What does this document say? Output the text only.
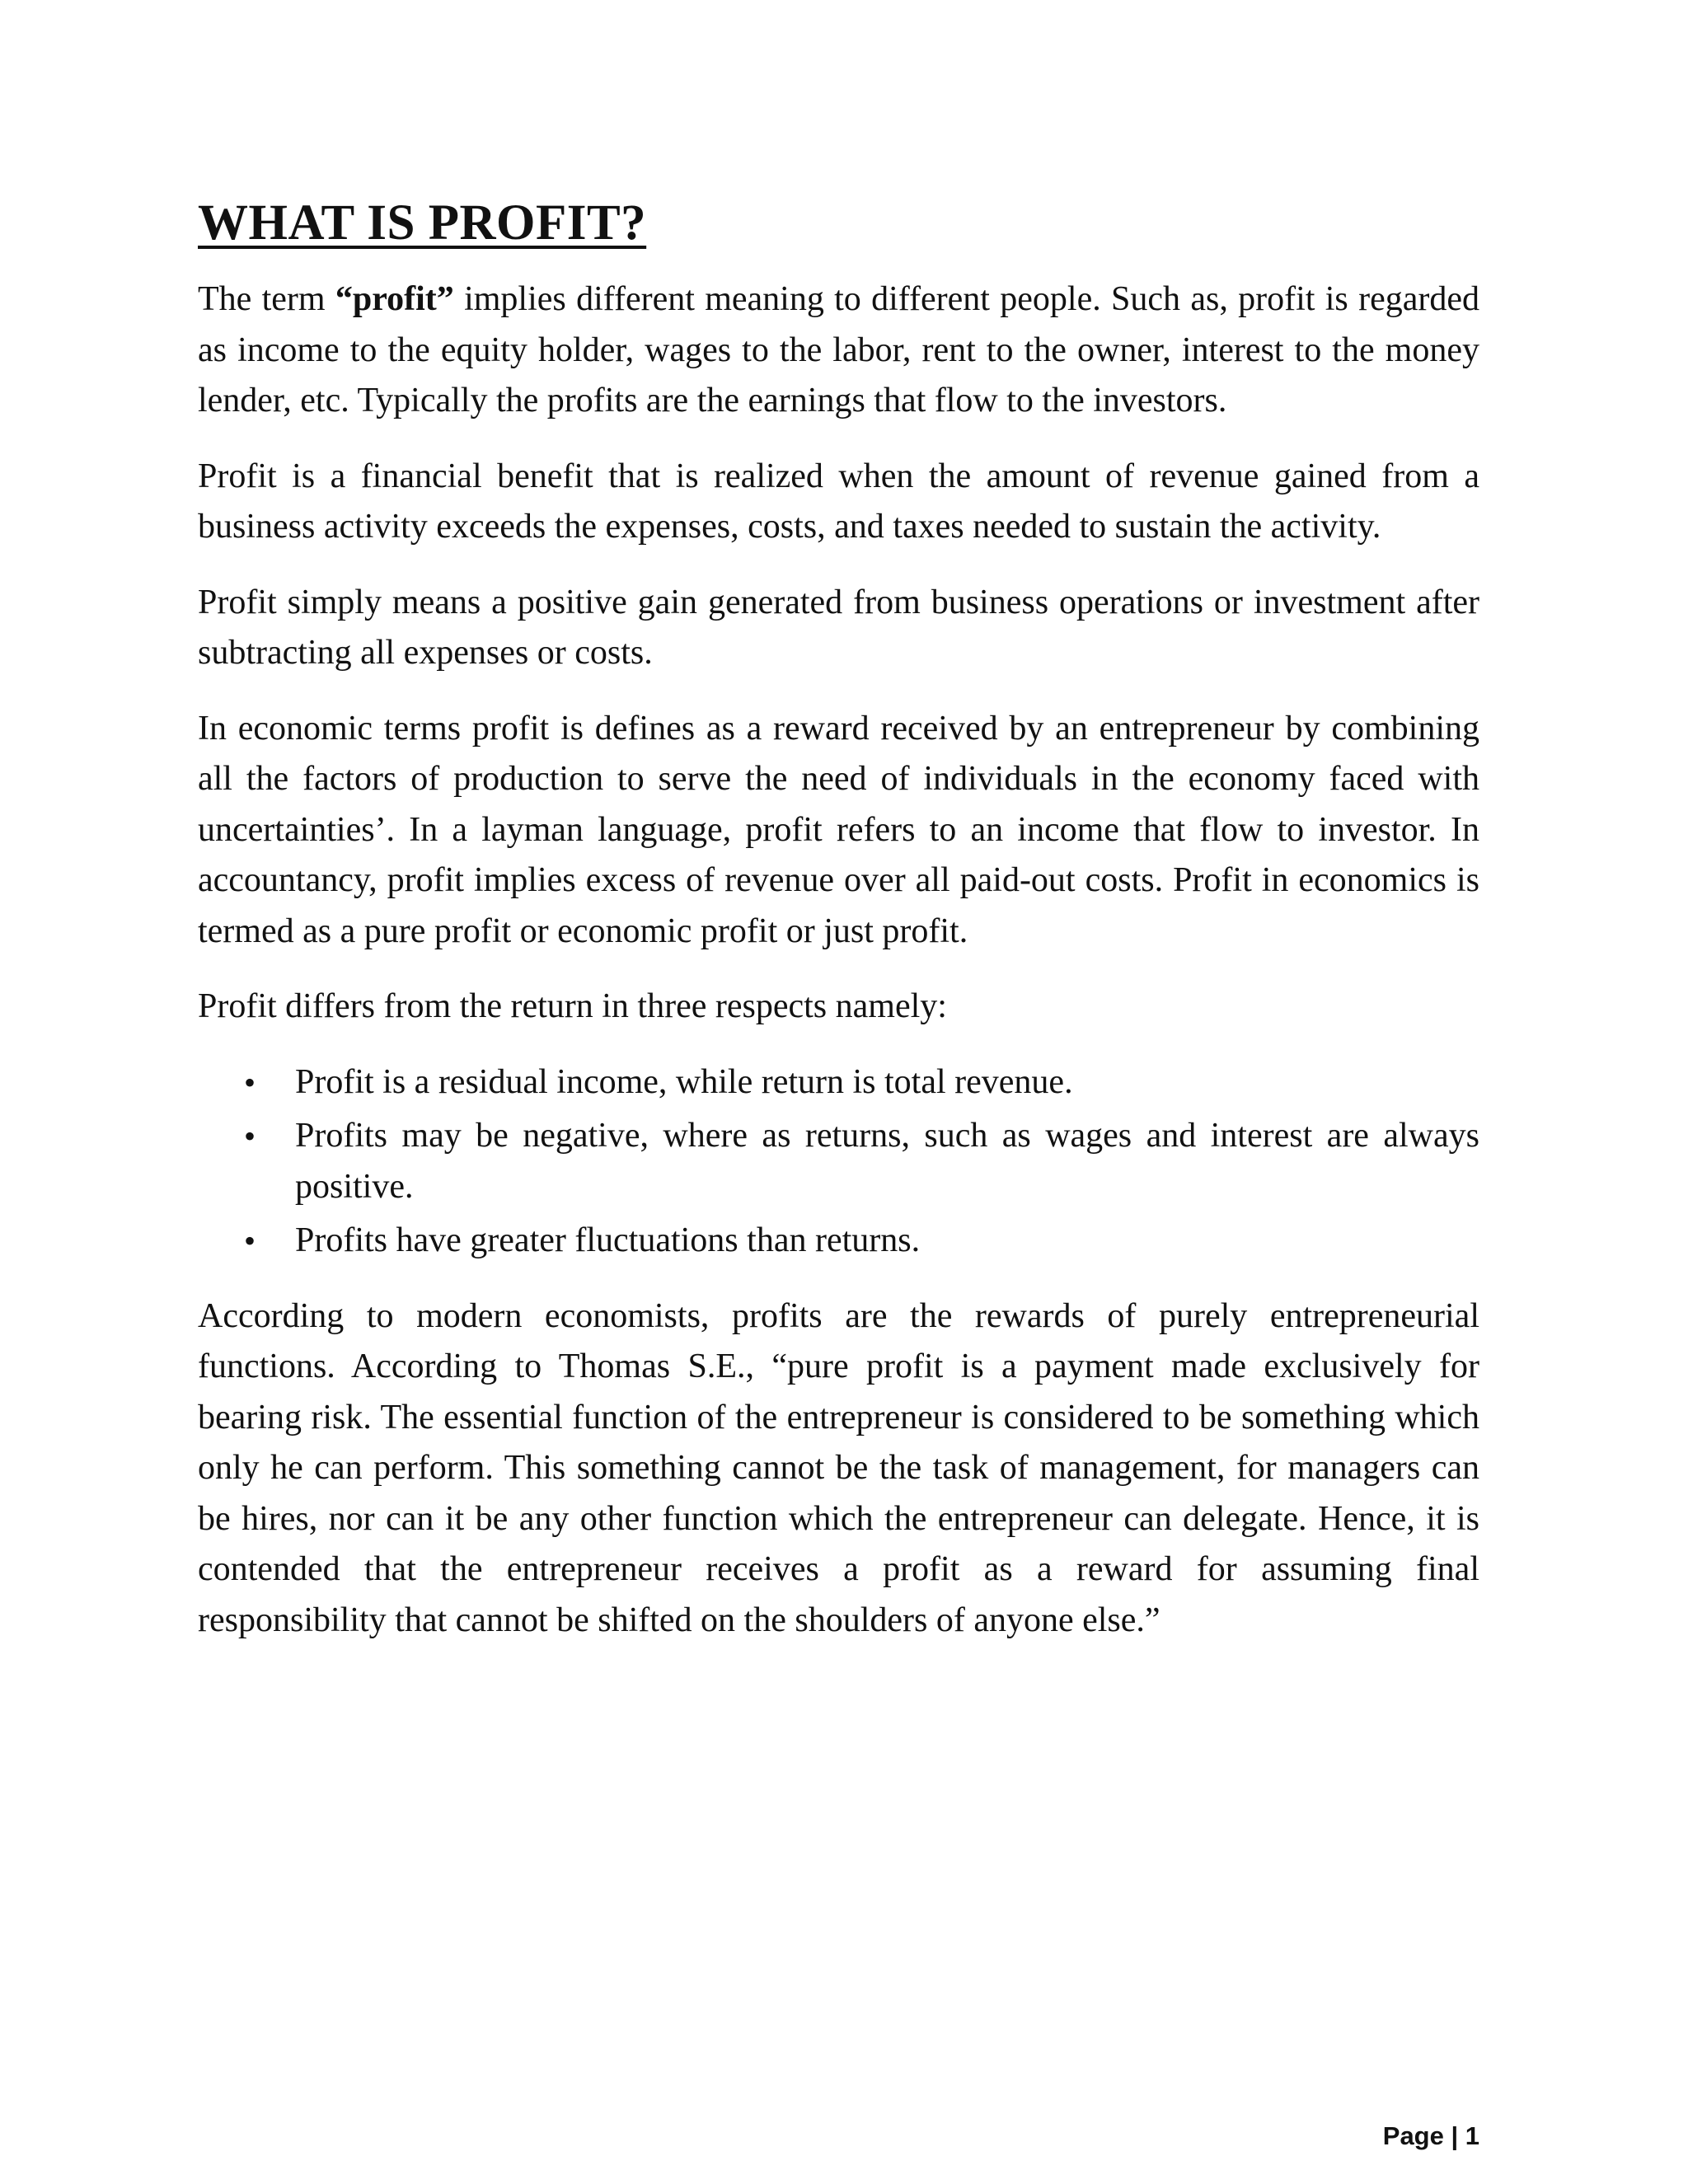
WHAT IS PROFIT?

The term “profit” implies different meaning to different people. Such as, profit is regarded as income to the equity holder, wages to the labor, rent to the owner, interest to the money lender, etc. Typically the profits are the earnings that flow to the investors.

Profit is a financial benefit that is realized when the amount of revenue gained from a business activity exceeds the expenses, costs, and taxes needed to sustain the activity.

Profit simply means a positive gain generated from business operations or investment after subtracting all expenses or costs.

In economic terms profit is defines as a reward received by an entrepreneur by combining all the factors of production to serve the need of individuals in the economy faced with uncertainties’. In a layman language, profit refers to an income that flow to investor. In accountancy, profit implies excess of revenue over all paid-out costs. Profit in economics is termed as a pure profit or economic profit or just profit.

Profit differs from the return in three respects namely:

• Profit is a residual income, while return is total revenue.
• Profits may be negative, where as returns, such as wages and interest are always positive.
• Profits have greater fluctuations than returns.

According to modern economists, profits are the rewards of purely entrepreneurial functions. According to Thomas S.E., “pure profit is a payment made exclusively for bearing risk. The essential function of the entrepreneur is considered to be something which only he can perform. This something cannot be the task of management, for managers can be hires, nor can it be any other function which the entrepreneur can delegate. Hence, it is contended that the entrepreneur receives a profit as a reward for assuming final responsibility that cannot be shifted on the shoulders of anyone else.”

Page | 1
